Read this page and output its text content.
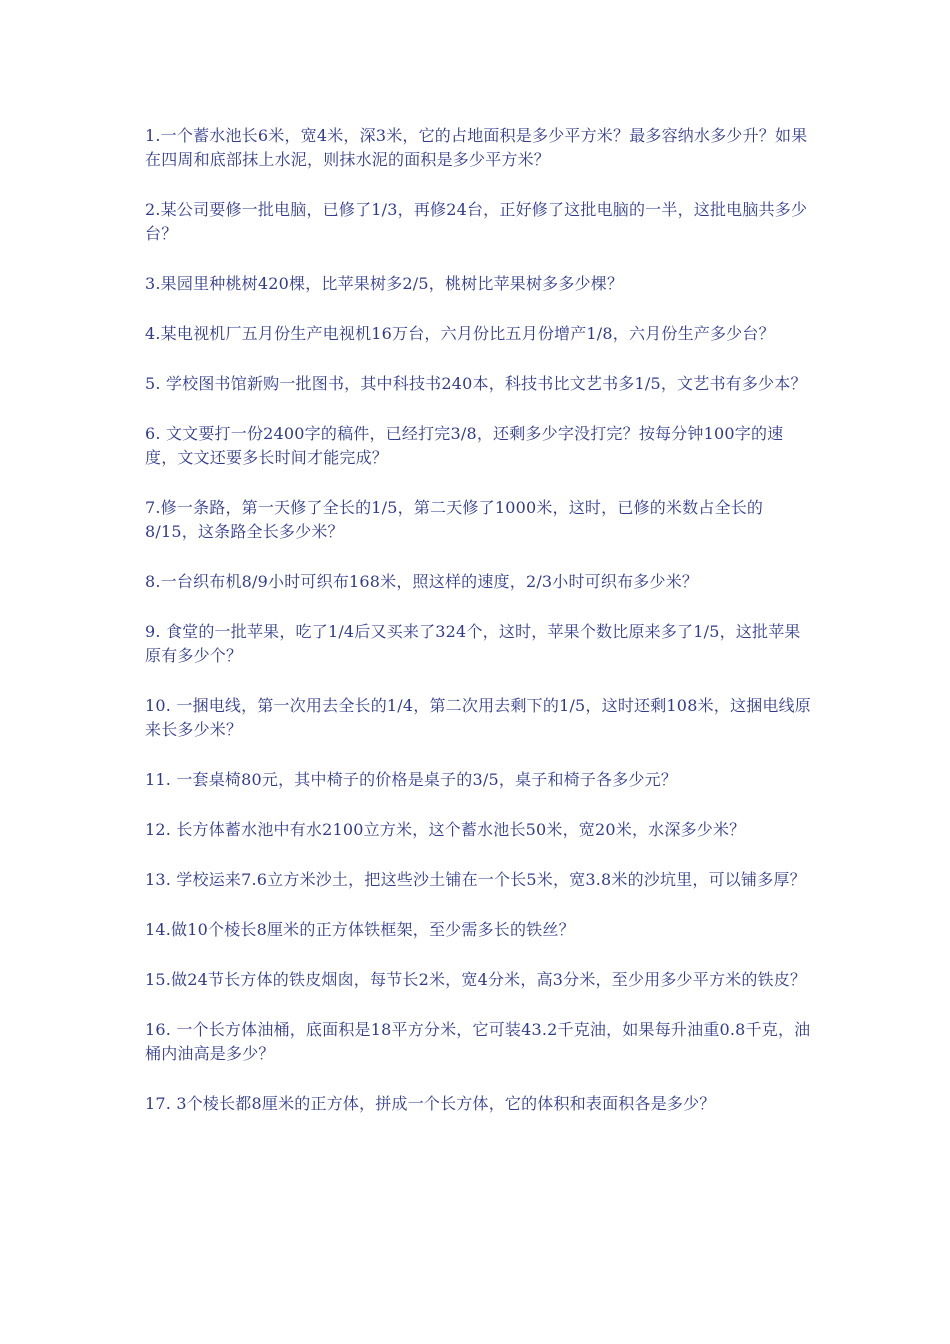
1.一个蓄水池长6米，宽4米，深3米，它的占地面积是多少平方米？最多容纳水多少升？如果在四周和底部抹上水泥，则抹水泥的面积是多少平方米？

2.某公司要修一批电脑，已修了1/3，再修24台，正好修了这批电脑的一半，这批电脑共多少台？

3.果园里种桃树420棵，比苹果树多2/5，桃树比苹果树多多少棵？

4.某电视机厂五月份生产电视机16万台，六月份比五月份增产1/8，六月份生产多少台？

5. 学校图书馆新购一批图书，其中科技书240本，科技书比文艺书多1/5，文艺书有多少本？

6. 文文要打一份2400字的稿件，已经打完3/8，还剩多少字没打完？按每分钟100字的速度，文文还要多长时间才能完成？

7.修一条路，第一天修了全长的1/5，第二天修了1000米，这时，已修的米数占全长的8/15，这条路全长多少米？

8.一台织布机8/9小时可织布168米，照这样的速度，2/3小时可织布多少米？

9. 食堂的一批苹果，吃了1/4后又买来了324个，这时，苹果个数比原来多了1/5，这批苹果原有多少个？

10. 一捆电线，第一次用去全长的1/4，第二次用去剩下的1/5，这时还剩108米，这捆电线原来长多少米？

11. 一套桌椅80元，其中椅子的价格是桌子的3/5，桌子和椅子各多少元？

12. 长方体蓄水池中有水2100立方米，这个蓄水池长50米，宽20米，水深多少米？

13. 学校运来7.6立方米沙土，把这些沙土铺在一个长5米，宽3.8米的沙坑里，可以铺多厚？

14.做10个棱长8厘米的正方体铁框架，至少需多长的铁丝？

15.做24节长方体的铁皮烟囱，每节长2米，宽4分米，高3分米，至少用多少平方米的铁皮？

16. 一个长方体油桶，底面积是18平方分米，它可装43.2千克油，如果每升油重0.8千克，油桶内油高是多少？

17. 3个棱长都8厘米的正方体，拼成一个长方体，它的体积和表面积各是多少？
